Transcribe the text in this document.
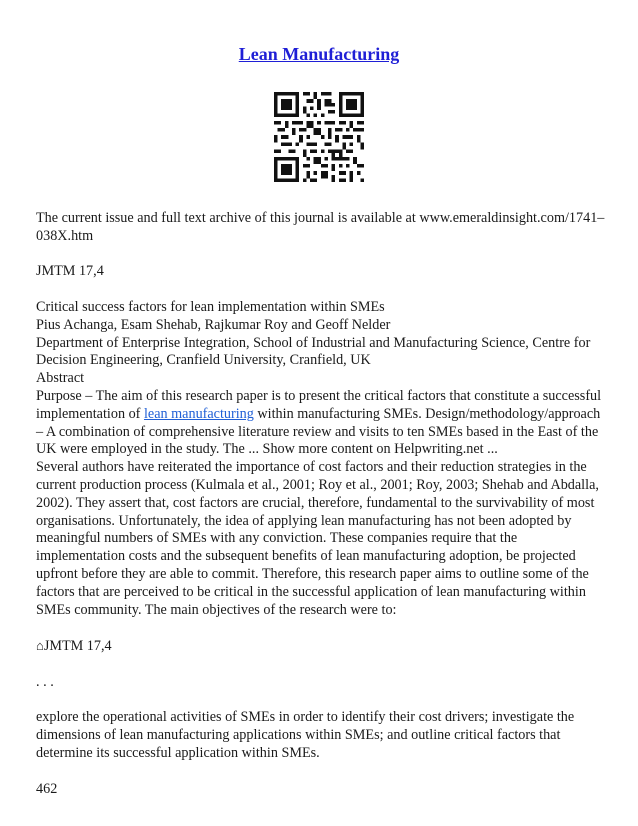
Lean Manufacturing

The current issue and full text archive of this journal is available at www.emeraldinsight.com/1741–038X.htm

JMTM 17,4

Critical success factors for lean implementation within SMEs

Pius Achanga, Esam Shehab, Rajkumar Roy and Geoff Nelder

Department of Enterprise Integration, School of Industrial and Manufacturing Science, Centre for Decision Engineering, Cranfield University, Cranfield, UK

Abstract

Purpose – The aim of this research paper is to present the critical factors that constitute a successful implementation of lean manufacturing within manufacturing SMEs. Design/methodology/approach – A combination of comprehensive literature review and visits to ten SMEs based in the East of the UK were employed in the study. The ... Show more content on Helpwriting.net ...

Several authors have reiterated the importance of cost factors and their reduction strategies in the current production process (Kulmala et al., 2001; Roy et al., 2001; Roy, 2003; Shehab and Abdalla, 2002). They assert that, cost factors are crucial, therefore, fundamental to the survivability of most organisations. Unfortunately, the idea of applying lean manufacturing has not been adopted by meaningful numbers of SMEs with any conviction. These companies require that the implementation costs and the subsequent benefits of lean manufacturing adoption, be projected upfront before they are able to commit. Therefore, this research paper aims to outline some of the factors that are perceived to be critical in the successful application of lean manufacturing within SMEs community. The main objectives of the research were to:

⌂JMTM 17,4

. . .

explore the operational activities of SMEs in order to identify their cost drivers; investigate the dimensions of lean manufacturing applications within SMEs; and outline critical factors that determine its successful application within SMEs.

462
